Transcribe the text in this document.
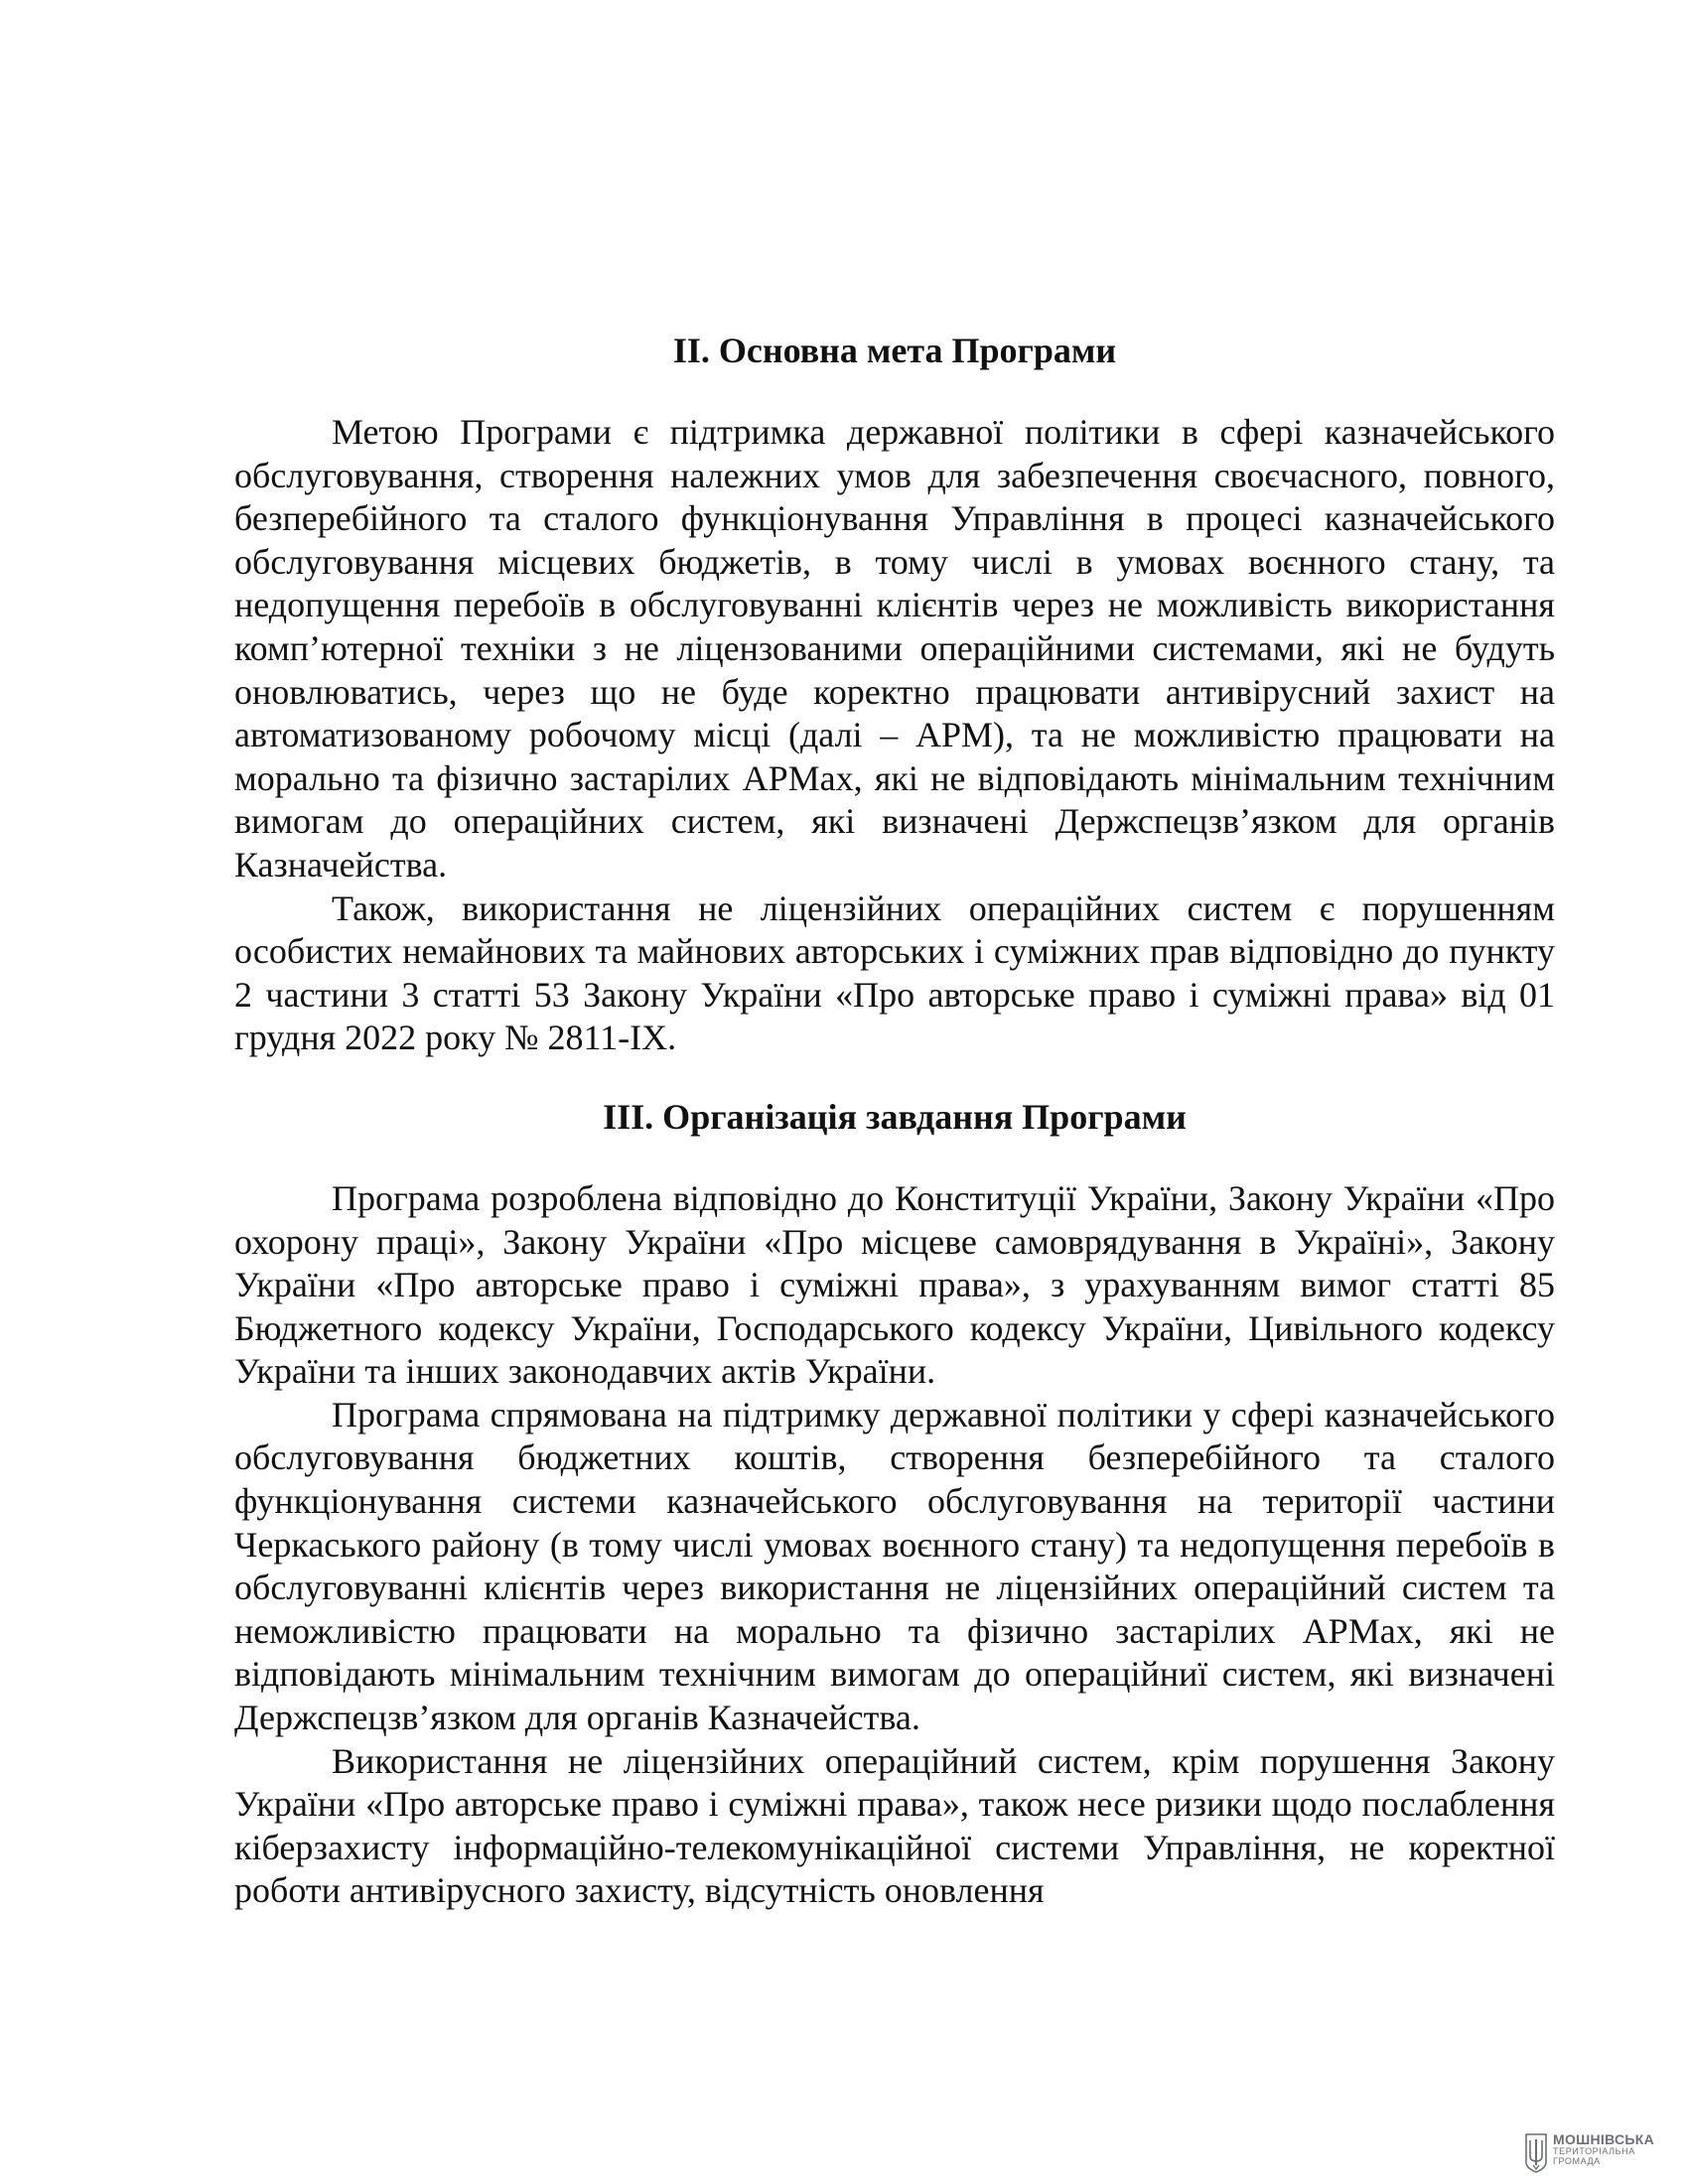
ІІ. Основна мета Програми

Метою Програми є підтримка державної політики в сфері казначейського обслуговування, створення належних умов для забезпечення своєчасного, повного, безперебійного та сталого функціонування Управління в процесі казначейського обслуговування місцевих бюджетів, в тому числі в умовах воєнного стану, та недопущення перебоїв в обслуговуванні клієнтів через не можливість використання комп’ютерної техніки з не ліцензованими операційними системами, які не будуть оновлюватись, через що не буде коректно працювати антивірусний захист на автоматизованому робочому місці (далі – АРМ), та не можливістю працювати на морально та фізично застарілих АРМах, які не відповідають мінімальним технічним вимогам до операційних систем, які визначені Держспецзв’язком для органів Казначейства.

Також, використання не ліцензійних операційних систем є порушенням особистих немайнових та майнових авторських і суміжних прав відповідно до пункту 2 частини 3 статті 53 Закону України «Про авторське право і суміжні права» від 01 грудня 2022 року № 2811-ІХ.

ІІІ. Організація завдання Програми

Програма розроблена відповідно до Конституції України, Закону України «Про охорону праці», Закону України «Про місцеве самоврядування в Україні», Закону України «Про авторське право і суміжні права», з урахуванням вимог статті 85 Бюджетного кодексу України, Господарського кодексу України, Цивільного кодексу України та інших законодавчих актів України.

Програма спрямована на підтримку державної політики у сфері казначейського обслуговування бюджетних коштів, створення безперебійного та сталого функціонування системи казначейського обслуговування на території частини Черкаського району (в тому числі умовах воєнного стану) та недопущення перебоїв в обслуговуванні клієнтів через використання не ліцензійних операційний систем та неможливістю працювати на морально та фізично застарілих АРМах, які не відповідають мінімальним технічним вимогам до операційниї систем, які визначені Держспецзв’язком для органів Казначейства.

Використання не ліцензійних операційний систем, крім порушення Закону України «Про авторське право і суміжні права», також несе ризики щодо послаблення кіберзахисту інформаційно-телекомунікаційної системи Управління, не коректної роботи антивірусного захисту, відсутність оновлення

МОШНІВСЬКА
ТЕРИТОРІАЛЬНА
ГРОМАДА
